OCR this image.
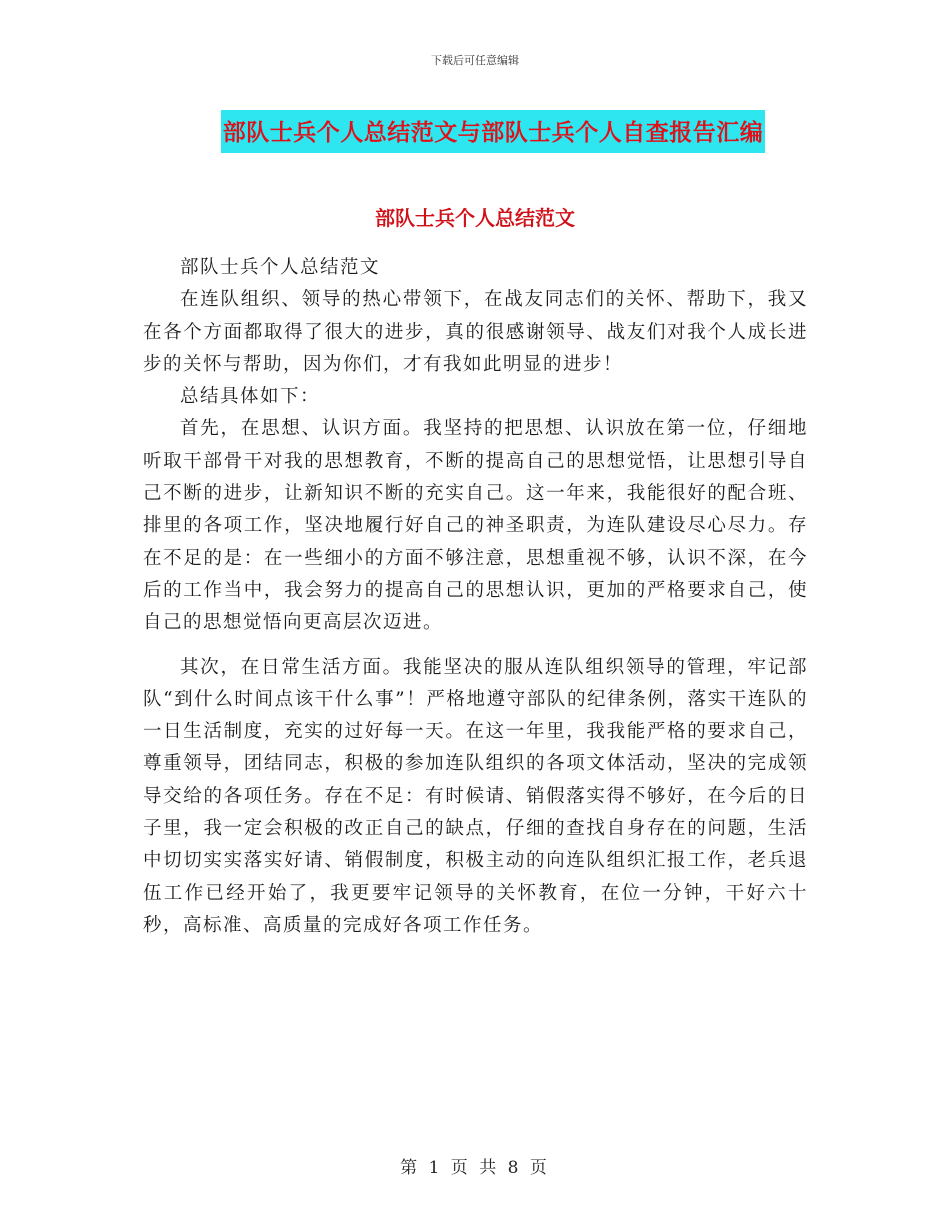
下载后可任意编辑
部队士兵个人总结范文与部队士兵个人自查报告汇编
部队士兵个人总结范文

部队士兵个人总结范文

在连队组织、领导的热心带领下，在战友同志们的关怀、帮助下，我又在各个方面都取得了很大的进步，真的很感谢领导、战友们对我个人成长进步的关怀与帮助，因为你们，才有我如此明显的进步！

总结具体如下：

首先，在思想、认识方面。我坚持的把思想、认识放在第一位，仔细地听取干部骨干对我的思想教育，不断的提高自己的思想觉悟，让思想引导自己不断的进步，让新知识不断的充实自己。这一年来，我能很好的配合班、排里的各项工作，坚决地履行好自己的神圣职责，为连队建设尽心尽力。存在不足的是：在一些细小的方面不够注意，思想重视不够，认识不深，在今后的工作当中，我会努力的提高自己的思想认识，更加的严格要求自己，使自己的思想觉悟向更高层次迈进。

其次，在日常生活方面。我能坚决的服从连队组织领导的管理，牢记部队“到什么时间点该干什么事”！严格地遵守部队的纪律条例，落实干连队的一日生活制度，充实的过好每一天。在这一年里，我我能严格的要求自己，尊重领导，团结同志，积极的参加连队组织的各项文体活动，坚决的完成领导交给的各项任务。存在不足：有时候请、销假落实得不够好，在今后的日子里，我一定会积极的改正自己的缺点，仔细的查找自身存在的问题，生活中切切实实落实好请、销假制度，积极主动的向连队组织汇报工作，老兵退伍工作已经开始了，我更要牢记领导的关怀教育，在位一分钟，干好六十秒，高标准、高质量的完成好各项工作任务。

第 1 页 共 8 页
